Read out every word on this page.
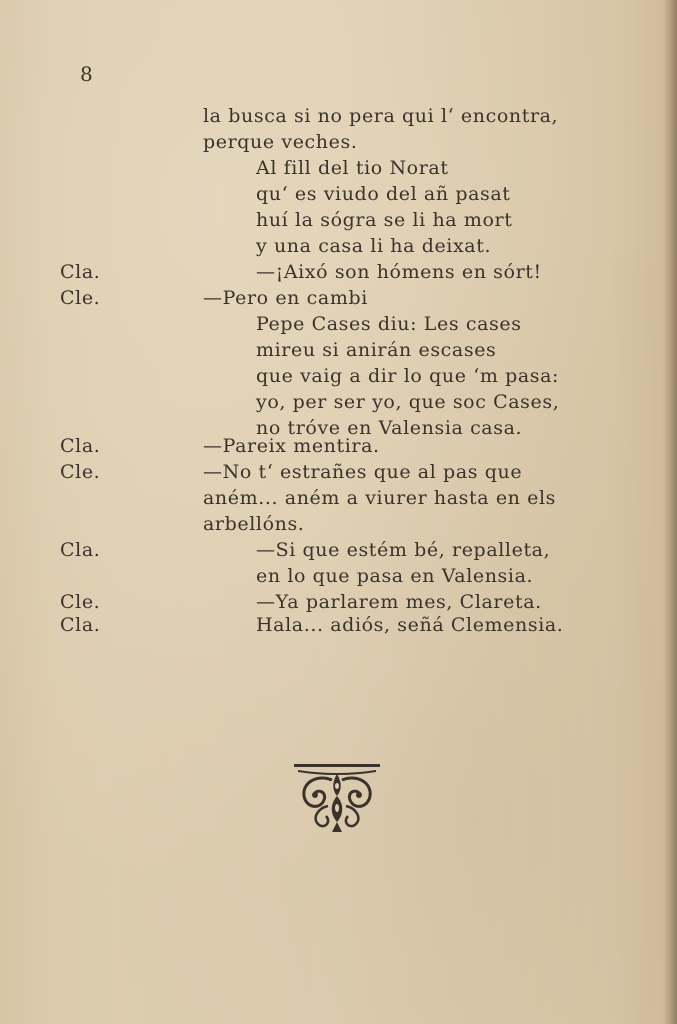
8
la busca si no pera qui l‘ encontra,
perque veches.
Al fill del tio Norat
qu‘ es viudo del añ pasat
huí la sógra se li ha mort
y una casa li ha deixat.
Cla.	—¡Aixó son hómens en sórt!
Cle.	—Pero en cambi
Pepe Cases diu: Les cases
mireu si anirán escases
que vaig a dir lo que ‘m pasa:
yo, per ser yo, que soc Cases,
no tróve en Valensia casa.
Cla.	—Pareix mentira.
Cle.	—No t‘ estrañes que al pas que
aném... aném a viurer hasta en els
arbellóns.
Cla.	—Si que estém bé, repalleta,
en lo que pasa en Valensia.
Cle.	—Ya parlarem mes, Clareta.
Cla.	Hala... adiós, señá Clemensia.
